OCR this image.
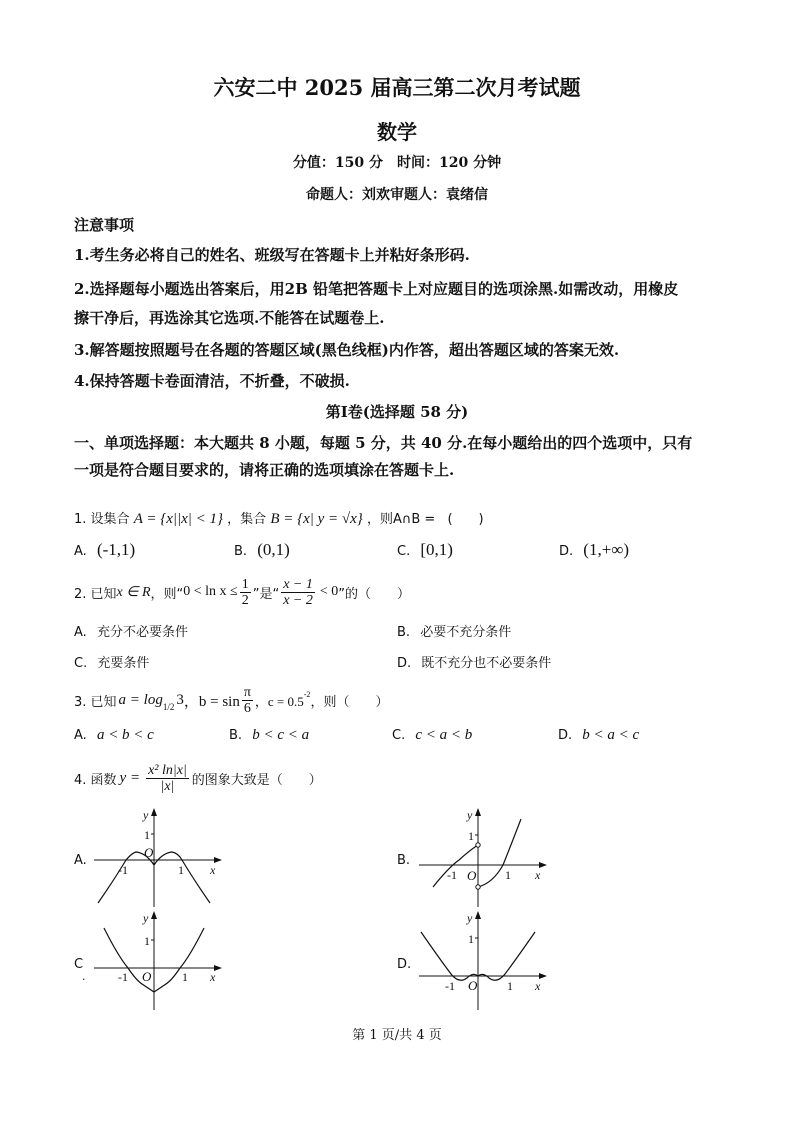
六安二中 2025 届高三第二次月考试题
数学
分值：150 分　时间：120 分钟
命题人：刘欢审题人：袁绪信
注意事项
1.考生务必将自己的姓名、班级写在答题卡上并粘好条形码.
2.选择题每小题选出答案后，用2B 铅笔把答题卡上对应题目的选项涂黑.如需改动，用橡皮
擦干净后，再选涂其它选项.不能答在试题卷上.
3.解答题按照题号在各题的答题区域(黑色线框)内作答，超出答题区域的答案无效.
4.保持答题卡卷面清洁，不折叠，不破损.
第Ⅰ卷(选择题 58 分)
一、单项选择题：本大题共 8 小题，每题 5 分，共 40 分.在每小题给出的四个选项中，只有
一项是符合题目要求的，请将正确的选项填涂在答题卡上.
1. 设集合 A = {x||x| < 1} ，集合 B = {x| y = √x} ，则A∩B = (　　)
A. (-1,1)	B. (0,1)	C. [0,1)	D. (1,+∞)
2. 已知 x ∈ R ，则“ $0 < \ln x \le \frac{1}{2}$ ”是“ $\frac{x - 1}{x - 2} < 0$ ”的（　　）
A. 充分不必要条件	B. 必要不充分条件
C. 充要条件	D. 既不充分也不必要条件
3. 已知 a = log 1/2 3 ，$b = \sin \frac{\pi}{6}$ ，c = 0.5 -2
，则（　　）
A. a < b < c	B. b < c < a	C. c < a < b	D. b < a < c
4. 函数 $y = \frac{\text{x² ln|x|}}{|x|}$ 的图象大致是（　　）
A.	B.
C
.
D.
y
1
O
-1	1 x
y
1
O
-1	1 x
y
1
O
-1	1 x
y
1
O
-1	1 x
第 1 页/共 4 页
